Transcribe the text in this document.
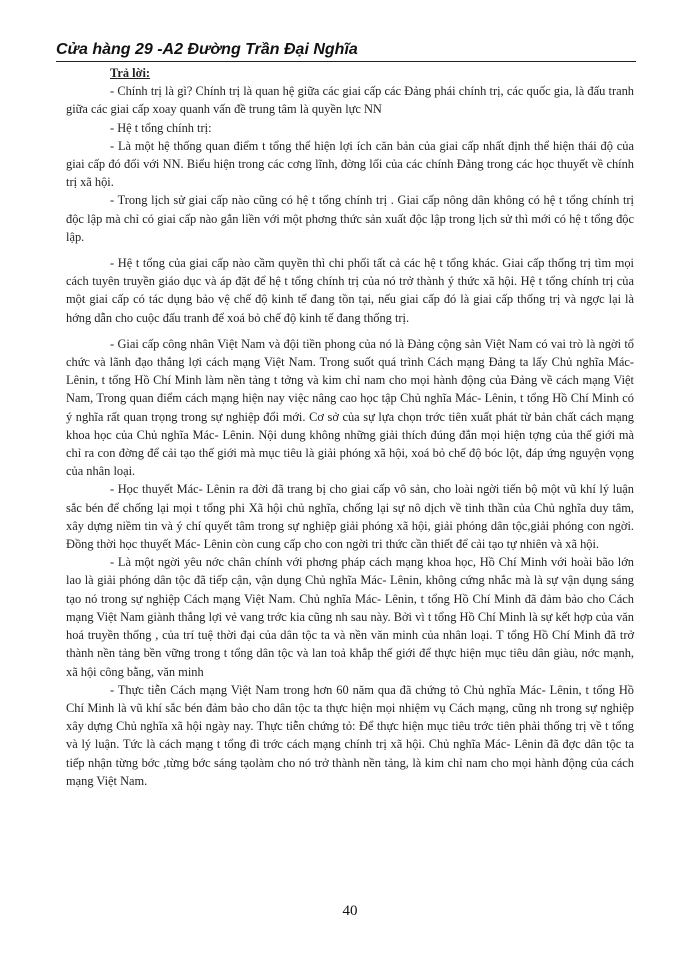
Cửa hàng 29 -A2 Đường Trần Đại Nghĩa
Trả lời:

- Chính trị là gì? Chính trị là quan hệ giữa các giai cấp các Đảng phái chính trị, các quốc gia, là đấu tranh giữa các giai cấp xoay quanh vấn đề trung tâm là quyền lực NN

- Hệ t tổng chính trị:

- Là một hệ thống quan điểm t tổng thể hiện lợi ích căn bản của giai cấp nhất định thể hiện thái độ của giai cấp đó đối với NN. Biểu hiện trong các cơng lĩnh, đờng lối của các chính Đảng trong các học thuyết về chính trị xã hội.

- Trong lịch sử giai cấp nào cũng có hệ t tổng chính trị . Giai cấp nông dân không có hệ t tổng chính trị độc lập mà chỉ có giai cấp nào gắn liền với một phơng thức sản xuất độc lập trong lịch sử thì mới có hệ t tổng độc lập.

- Hệ t tổng của giai cấp nào cầm quyền thì chi phối tất cả các hệ t tổng khác. Giai cấp thống trị tìm mọi cách tuyên truyền giáo dục và áp đặt để hệ t tổng chính trị của nó trở thành ý thức xã hội. Hệ t tổng chính trị của một giai cấp có tác dụng bảo vệ chế độ kinh tế đang tồn tại, nếu giai cấp đó là giai cấp thống trị và ngợc lại là hớng dẫn cho cuộc đấu tranh để xoá bỏ chế độ kinh tế đang thống trị.

- Giai cấp công nhân Việt Nam và đội tiền phong của nó là Đảng cộng sản Việt Nam có vai trò là ngời tổ chức và lãnh đạo thắng lợi cách mạng Việt Nam. Trong suốt quá trình Cách mạng Đảng ta lấy Chủ nghĩa Mác- Lênin, t tổng Hồ Chí Minh làm nền tảng t tởng và kim chỉ nam cho mọi hành động của Đảng về cách mạng Việt Nam, Trong quan điểm cách mạng hiện nay việc nâng cao học tập Chủ nghĩa Mác- Lênin, t tổng Hồ Chí Minh có ý nghĩa rất quan trọng trong sự nghiệp đổi mới. Cơ sở của sự lựa chọn trớc tiên xuất phát từ bản chất cách mạng khoa học của Chủ nghĩa Mác- Lênin. Nội dung không những giải thích đúng đắn mọi hiện tợng của thế giới mà chỉ ra con đờng để cải tạo thế giới mà mục tiêu là giải phóng xã hội, xoá bỏ chế độ bóc lột, đáp ứng nguyện vọng của nhân loại.

- Học thuyết Mác- Lênin ra đời đã trang bị cho giai cấp vô sản, cho loài ngời tiến bộ một vũ khí lý luận sắc bén để chống lại mọi t tổng phi Xã hội chủ nghĩa, chống lại sự nô dịch về tinh thần của Chủ nghĩa duy tâm, xây dựng niềm tin và ý chí quyết tâm trong sự nghiệp giải phóng xã hội, giải phóng dân tộc,giải phóng con ngời. Đồng thời học thuyết Mác- Lênin còn cung cấp cho con ngời tri thức cần thiết để cải tạo tự nhiên và xã hội.

- Là một ngời yêu nớc chân chính với phơng pháp cách mạng khoa học, Hồ Chí Minh với hoài bão lớn lao là giải phóng dân tộc đã tiếp cận, vận dụng Chủ nghĩa Mác- Lênin, không cứng nhắc mà là sự vận dụng sáng tạo nó trong sự nghiệp Cách mạng Việt Nam. Chủ nghĩa Mác- Lênin, t tổng Hồ Chí Minh đã đảm bảo cho Cách mạng Việt Nam giành thắng lợi vẻ vang trớc kia cũng nh sau này. Bởi vì t tổng Hồ Chí Minh là sự kết hợp của văn hoá truyền thống , của trí tuệ thời đại của dân tộc ta và nền văn minh của nhân loại. T tổng Hồ Chí Minh đã trở thành nền tảng bền vững trong t tổng dân tộc và lan toả khắp thế giới để thực hiện mục tiêu dân giàu, nớc mạnh, xã hội công bằng, văn minh

- Thực tiễn Cách mạng Việt Nam trong hơn 60 năm qua đã chứng tỏ Chủ nghĩa Mác- Lênin, t tổng Hồ Chí Minh là vũ khí sắc bén đảm bảo cho dân tộc ta thực hiện mọi nhiệm vụ Cách mạng, cũng nh trong sự nghiệp xây dựng Chủ nghĩa xã hội ngày nay. Thực tiễn chứng tỏ: Để thực hiện mục tiêu trớc tiên phải thống trị về t tổng và lý luận. Tức là cách mạng t tổng đi trớc cách mạng chính trị xã hội. Chủ nghĩa Mác- Lênin đã đợc dân tộc ta tiếp nhận từng bớc ,từng bớc sáng tạolàm cho nó trở thành nền tảng, là kim chỉ nam cho mọi hành động của cách mạng Việt Nam.

40
